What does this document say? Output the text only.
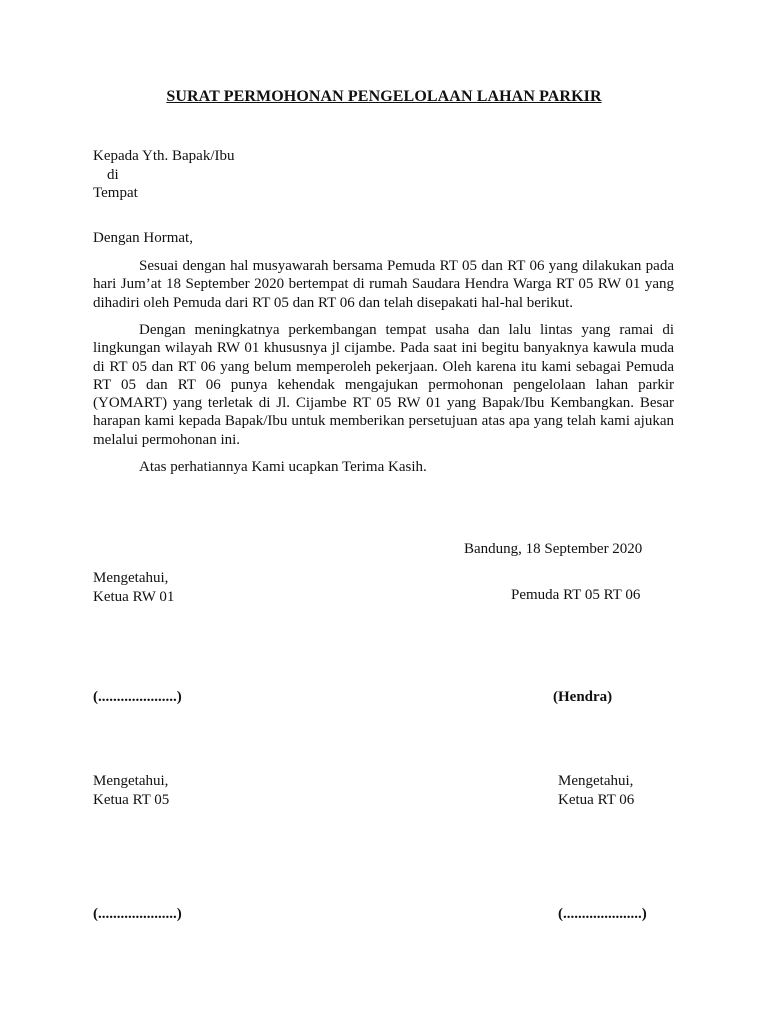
SURAT PERMOHONAN PENGELOLAAN LAHAN PARKIR
Kepada Yth. Bapak/Ibu
di
Tempat
Dengan Hormat,
Sesuai dengan hal musyawarah bersama Pemuda RT 05 dan RT 06 yang dilakukan pada hari Jum’at 18 September 2020 bertempat di rumah Saudara Hendra Warga RT 05 RW 01 yang dihadiri oleh Pemuda dari RT 05 dan RT 06 dan telah disepakati hal-hal berikut.
Dengan meningkatnya perkembangan tempat usaha dan lalu lintas yang ramai di lingkungan wilayah RW 01 khususnya jl cijambe. Pada saat ini begitu banyaknya kawula muda di RT 05 dan RT 06 yang belum memperoleh pekerjaan. Oleh karena itu kami sebagai Pemuda RT 05 dan RT 06 punya kehendak mengajukan permohonan pengelolaan lahan parkir (YOMART) yang terletak di Jl. Cijambe RT 05 RW 01 yang Bapak/Ibu Kembangkan. Besar harapan kami kepada Bapak/Ibu untuk memberikan persetujuan atas apa yang telah kami ajukan melalui permohonan ini.
Atas perhatiannya Kami ucapkan Terima Kasih.
Bandung, 18 September 2020
Mengetahui,
Ketua RW 01	Pemuda RT 05 RT 06
(.....................)	(Hendra)
Mengetahui,
Ketua RT 05
Mengetahui,
Ketua RT 06
(.....................)	(.....................)
